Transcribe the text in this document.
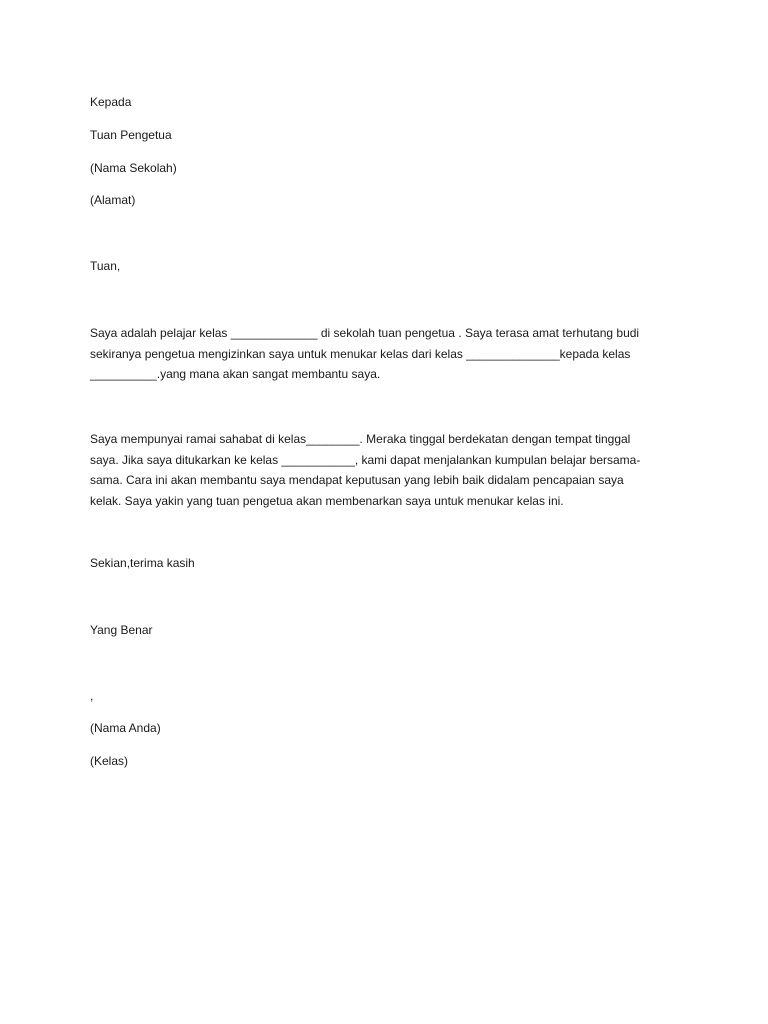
Kepada
Tuan Pengetua
(Nama Sekolah)
(Alamat)
Tuan,
Saya adalah pelajar kelas _____________ di sekolah tuan pengetua . Saya terasa amat terhutang budi
sekiranya pengetua mengizinkan saya untuk menukar kelas dari kelas ______________kepada kelas
__________.yang mana akan sangat membantu saya.
Saya mempunyai ramai sahabat di kelas________. Meraka tinggal berdekatan dengan tempat tinggal
saya. Jika saya ditukarkan ke kelas ___________, kami dapat menjalankan kumpulan belajar bersama-
sama. Cara ini akan membantu saya mendapat keputusan yang lebih baik didalam pencapaian saya
kelak. Saya yakin yang tuan pengetua akan membenarkan saya untuk menukar kelas ini.
Sekian,terima kasih
Yang Benar
,
(Nama Anda)
(Kelas)
